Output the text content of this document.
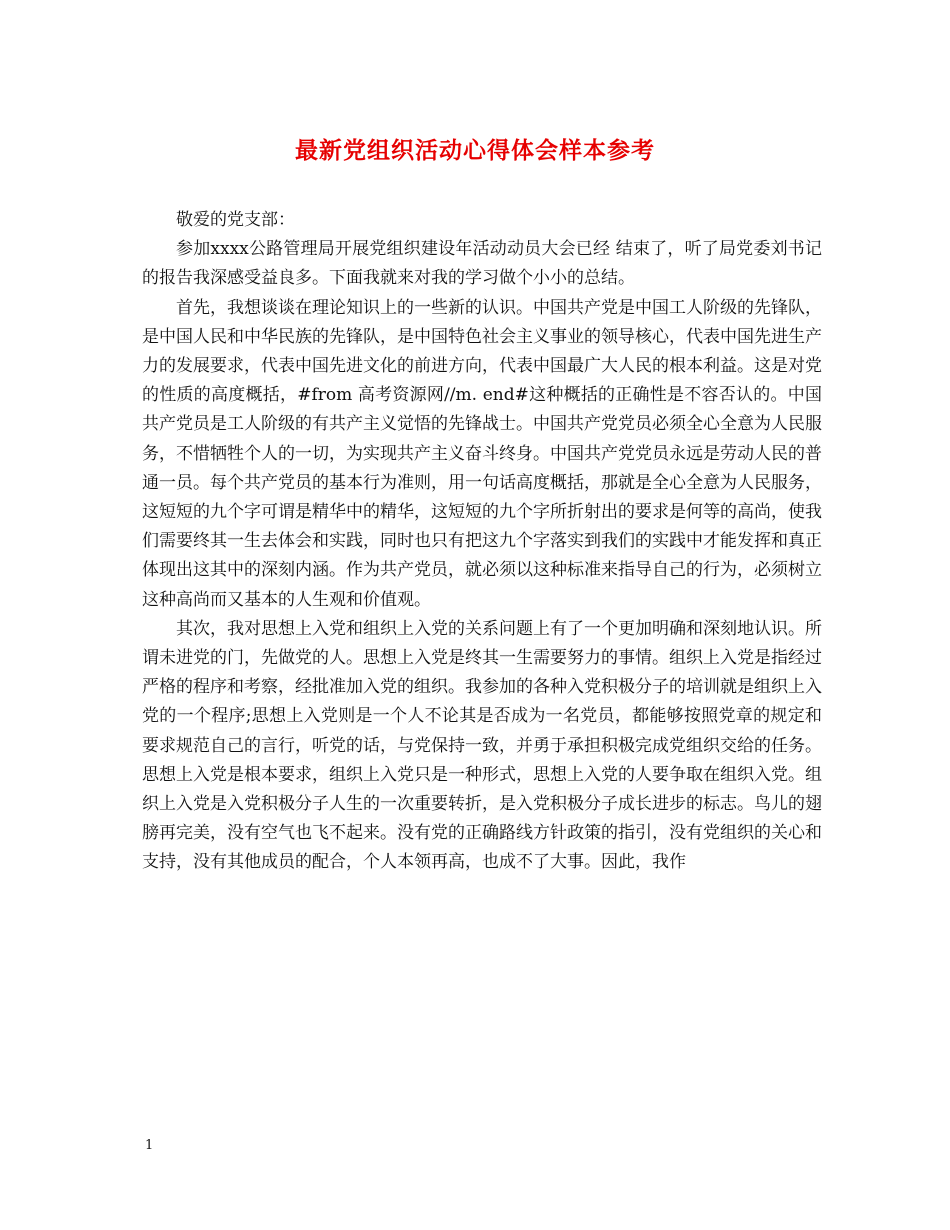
最新党组织活动心得体会样本参考

敬爱的党支部：

参加xxxx公路管理局开展党组织建设年活动动员大会已经 结束了，听了局党委刘书记的报告我深感受益良多。下面我就来对我的学习做个小小的总结。

首先，我想谈谈在理论知识上的一些新的认识。中国共产党是中国工人阶级的先锋队，是中国人民和中华民族的先锋队，是中国特色社会主义事业的领导核心，代表中国先进生产力的发展要求，代表中国先进文化的前进方向，代表中国最广大人民的根本利益。这是对党的性质的高度概括，#from 高考资源网//m. end#这种概括的正确性是不容否认的。中国共产党员是工人阶级的有共产主义觉悟的先锋战士。中国共产党党员必须全心全意为人民服务，不惜牺牲个人的一切，为实现共产主义奋斗终身。中国共产党党员永远是劳动人民的普通一员。每个共产党员的基本行为准则，用一句话高度概括，那就是全心全意为人民服务，这短短的九个字可谓是精华中的精华，这短短的九个字所折射出的要求是何等的高尚，使我们需要终其一生去体会和实践，同时也只有把这九个字落实到我们的实践中才能发挥和真正体现出这其中的深刻内涵。作为共产党员，就必须以这种标准来指导自己的行为，必须树立这种高尚而又基本的人生观和价值观。

其次，我对思想上入党和组织上入党的关系问题上有了一个更加明确和深刻地认识。所谓未进党的门，先做党的人。思想上入党是终其一生需要努力的事情。组织上入党是指经过严格的程序和考察，经批准加入党的组织。我参加的各种入党积极分子的培训就是组织上入党的一个程序;思想上入党则是一个人不论其是否成为一名党员，都能够按照党章的规定和要求规范自己的言行，听党的话，与党保持一致，并勇于承担积极完成党组织交给的任务。思想上入党是根本要求，组织上入党只是一种形式，思想上入党的人要争取在组织入党。组织上入党是入党积极分子人生的一次重要转折，是入党积极分子成长进步的标志。鸟儿的翅膀再完美，没有空气也飞不起来。没有党的正确路线方针政策的指引，没有党组织的关心和支持，没有其他成员的配合，个人本领再高，也成不了大事。因此，我作

1
